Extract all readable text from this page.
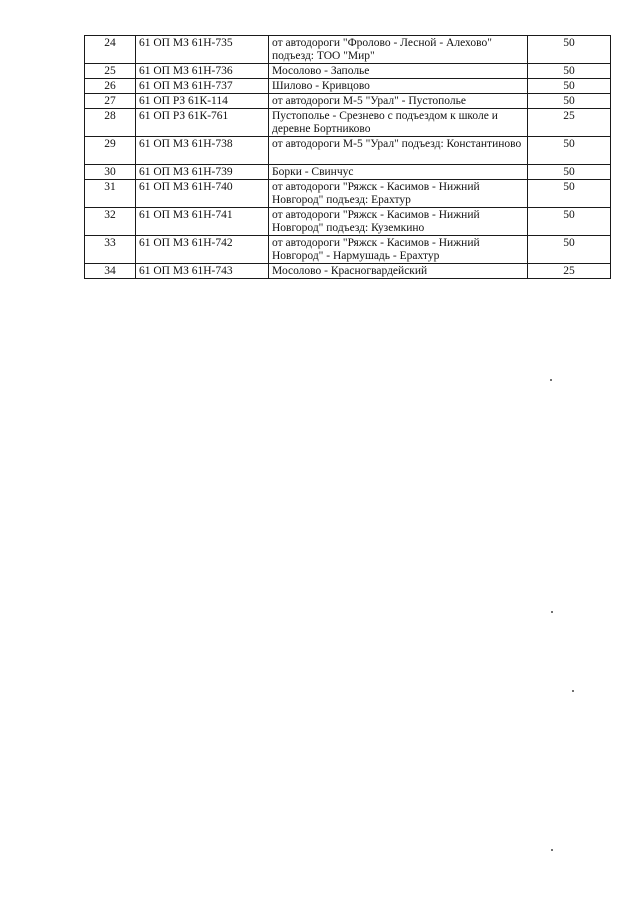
24	61 ОП МЗ 61Н-735	от автодороги "Фролово - Лесной - Алехово" подъезд: ТОО "Мир"	50
25	61 ОП МЗ 61Н-736	Мосолово - Заполье	50
26	61 ОП МЗ 61Н-737	Шилово - Кривцово	50
27	61 ОП РЗ 61К-114	от автодороги М-5 "Урал" - Пустополье	50
28	61 ОП РЗ 61К-761	Пустополье - Срезнево с подъездом к школе и деревне Бортниково	25
29	61 ОП МЗ 61Н-738	от автодороги М-5 "Урал" подъезд: Константиново	50
30	61 ОП МЗ 61Н-739	Борки - Свинчус	50
31	61 ОП МЗ 61Н-740	от автодороги "Ряжск - Касимов - Нижний Новгород" подъезд: Ерахтур	50
32	61 ОП МЗ 61Н-741	от автодороги "Ряжск - Касимов - Нижний Новгород" подъезд: Куземкино	50
33	61 ОП МЗ 61Н-742	от автодороги "Ряжск - Касимов - Нижний Новгород" - Нармушадь - Ерахтур	50
34	61 ОП МЗ 61Н-743	Мосолово - Красногвардейский	25
